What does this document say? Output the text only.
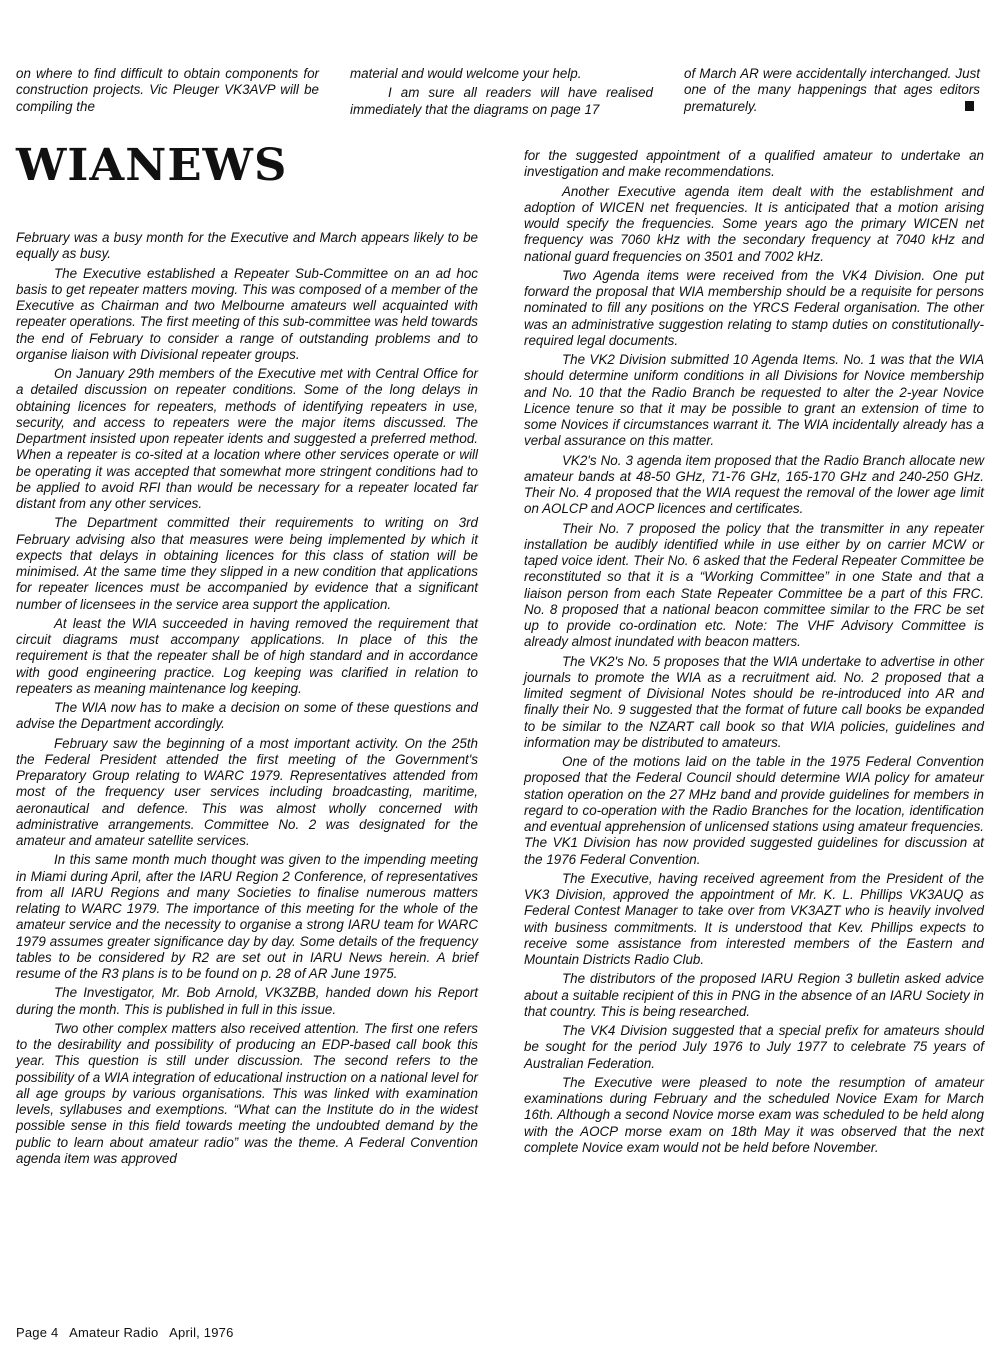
on where to find difficult to obtain components for construction projects. Vic Pleuger VK3AVP will be compiling the

material and would welcome your help.

I am sure all readers will have realised immediately that the diagrams on page 17

of March AR were accidentally interchanged. Just one of the many happenings that ages editors prematurely.

WIANEWS

February was a busy month for the Executive and March appears likely to be equally as busy.

The Executive established a Repeater Sub-Committee on an ad hoc basis to get repeater matters moving. This was composed of a member of the Executive as Chairman and two Melbourne amateurs well acquainted with repeater operations. The first meeting of this sub-committee was held towards the end of February to consider a range of outstanding problems and to organise liaison with Divisional repeater groups.

On January 29th members of the Executive met with Central Office for a detailed discussion on repeater conditions. Some of the long delays in obtaining licences for repeaters, methods of identifying repeaters in use, security, and access to repeaters were the major items discussed. The Department insisted upon repeater idents and suggested a preferred method. When a repeater is co-sited at a location where other services operate or will be operating it was accepted that somewhat more stringent conditions had to be applied to avoid RFI than would be necessary for a repeater located far distant from any other services.

The Department committed their requirements to writing on 3rd February advising also that measures were being implemented by which it expects that delays in obtaining licences for this class of station will be minimised. At the same time they slipped in a new condition that applications for repeater licences must be accompanied by evidence that a significant number of licensees in the service area support the application.

At least the WIA succeeded in having removed the requirement that circuit diagrams must accompany applications. In place of this the requirement is that the repeater shall be of high standard and in accordance with good engineering practice. Log keeping was clarified in relation to repeaters as meaning maintenance log keeping.

The WIA now has to make a decision on some of these questions and advise the Department accordingly.

February saw the beginning of a most important activity. On the 25th the Federal President attended the first meeting of the Government's Preparatory Group relating to WARC 1979. Representatives attended from most of the frequency user services including broadcasting, maritime, aeronautical and defence. This was almost wholly concerned with administrative arrangements. Committee No. 2 was designated for the amateur and amateur satellite services.

In this same month much thought was given to the impending meeting in Miami during April, after the IARU Region 2 Conference, of representatives from all IARU Regions and many Societies to finalise numerous matters relating to WARC 1979. The importance of this meeting for the whole of the amateur service and the necessity to organise a strong IARU team for WARC 1979 assumes greater significance day by day. Some details of the frequency tables to be considered by R2 are set out in IARU News herein. A brief resume of the R3 plans is to be found on p. 28 of AR June 1975.

The Investigator, Mr. Bob Arnold, VK3ZBB, handed down his Report during the month. This is published in full in this issue.

Two other complex matters also received attention. The first one refers to the desirability and possibility of producing an EDP-based call book this year. This question is still under discussion. The second refers to the possibility of a WIA integration of educational instruction on a national level for all age groups by various organisations. This was linked with examination levels, syllabuses and exemptions. “What can the Institute do in the widest possible sense in this field towards meeting the undoubted demand by the public to learn about amateur radio” was the theme. A Federal Convention agenda item was approved

for the suggested appointment of a qualified amateur to undertake an investigation and make recommendations.

Another Executive agenda item dealt with the establishment and adoption of WICEN net frequencies. It is anticipated that a motion arising would specify the frequencies. Some years ago the primary WICEN net frequency was 7060 kHz with the secondary frequency at 7040 kHz and national guard frequencies on 3501 and 7002 kHz.

Two Agenda items were received from the VK4 Division. One put forward the proposal that WIA membership should be a requisite for persons nominated to fill any positions on the YRCS Federal organisation. The other was an administrative suggestion relating to stamp duties on constitutionally-required legal documents.

The VK2 Division submitted 10 Agenda Items. No. 1 was that the WIA should determine uniform conditions in all Divisions for Novice membership and No. 10 that the Radio Branch be requested to alter the 2-year Novice Licence tenure so that it may be possible to grant an extension of time to some Novices if circumstances warrant it. The WIA incidentally already has a verbal assurance on this matter.

VK2's No. 3 agenda item proposed that the Radio Branch allocate new amateur bands at 48-50 GHz, 71-76 GHz, 165-170 GHz and 240-250 GHz. Their No. 4 proposed that the WIA request the removal of the lower age limit on AOLCP and AOCP licences and certificates.

Their No. 7 proposed the policy that the transmitter in any repeater installation be audibly identified while in use either by on carrier MCW or taped voice ident. Their No. 6 asked that the Federal Repeater Committee be reconstituted so that it is a “Working Committee” in one State and that a liaison person from each State Repeater Committee be a part of this FRC. No. 8 proposed that a national beacon committee similar to the FRC be set up to provide co-ordination etc. Note: The VHF Advisory Committee is already almost inundated with beacon matters.

The VK2's No. 5 proposes that the WIA undertake to advertise in other journals to promote the WIA as a recruitment aid. No. 2 proposed that a limited segment of Divisional Notes should be re-introduced into AR and finally their No. 9 suggested that the format of future call books be expanded to be similar to the NZART call book so that WIA policies, guidelines and information may be distributed to amateurs.

One of the motions laid on the table in the 1975 Federal Convention proposed that the Federal Council should determine WIA policy for amateur station operation on the 27 MHz band and provide guidelines for members in regard to co-operation with the Radio Branches for the location, identification and eventual apprehension of unlicensed stations using amateur frequencies. The VK1 Division has now provided suggested guidelines for discussion at the 1976 Federal Convention.

The Executive, having received agreement from the President of the VK3 Division, approved the appointment of Mr. K. L. Phillips VK3AUQ as Federal Contest Manager to take over from VK3AZT who is heavily involved with business commitments. It is understood that Kev. Phillips expects to receive some assistance from interested members of the Eastern and Mountain Districts Radio Club.

The distributors of the proposed IARU Region 3 bulletin asked advice about a suitable recipient of this in PNG in the absence of an IARU Society in that country. This is being researched.

The VK4 Division suggested that a special prefix for amateurs should be sought for the period July 1976 to July 1977 to celebrate 75 years of Australian Federation.

The Executive were pleased to note the resumption of amateur examinations during February and the scheduled Novice Exam for March 16th. Although a second Novice morse exam was scheduled to be held along with the AOCP morse exam on 18th May it was observed that the next complete Novice exam would not be held before November.

Page 4   Amateur Radio   April, 1976
